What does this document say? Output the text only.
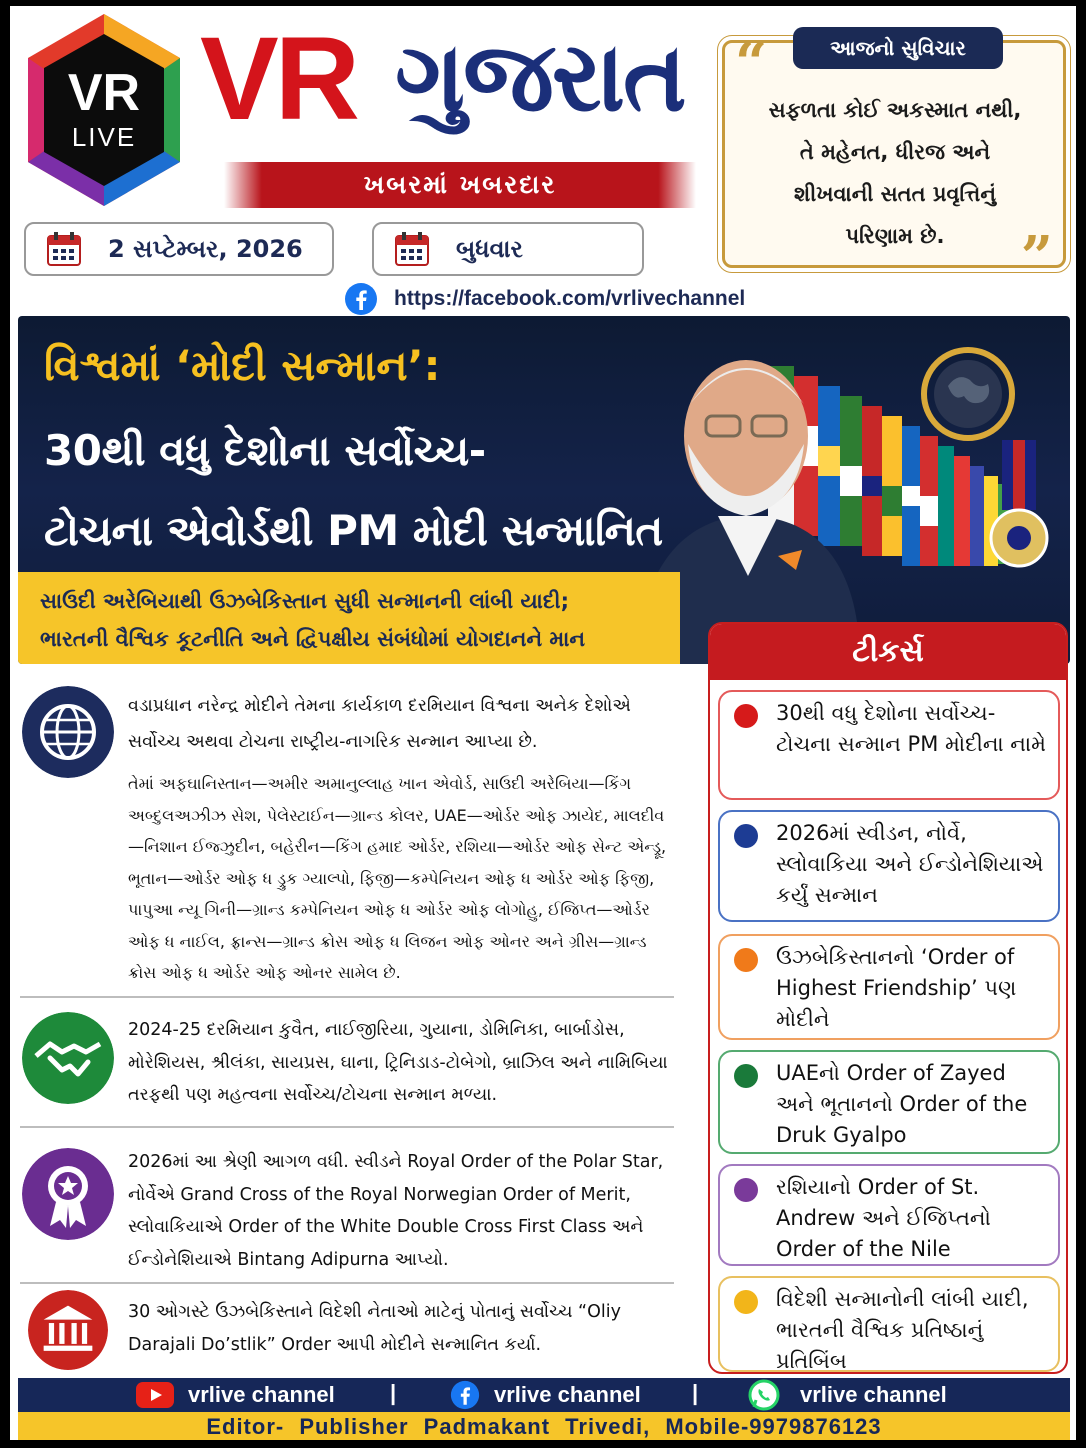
VR
LIVE VR ગુજરાત
ખબરમાં ખબરદાર
2 સપ્ટેમ્બર, 2026	બુધવાર
https://facebook.com/vrlivechannel
આજનો સુવિચાર
“
”
સફળતા કોઈ અકસ્માત નથી,
તે મહેનત, ધીરજ અને
શીખવાની સતત પ્રવૃત્તિનું
પરિણામ છે.
વિશ્વમાં ‘મોદી સન્માન’:
30થી વધુ દેશોના સર્વોચ્ચ-
ટોચના એવોર્ડથી PM મોદી સન્માનિત
સાઉદી અરેબિયાથી ઉઝબેકિસ્તાન સુધી સન્માનની લાંબી યાદી;
ભારતની વૈશ્વિક કૂટનીતિ અને દ્વિપક્ષીય સંબંધોમાં યોગદાનને માન
વડાપ્રધાન નરેન્દ્ર મોદીને તેમના કાર્યકાળ દરમિયાન વિશ્વના અનેક દેશોએ સર્વોચ્ચ અથવા ટોચના રાષ્ટ્રીય-નાગરિક સન્માન આપ્યા છે.
તેમાં અફઘાનિસ્તાન—અમીર અમાનુલ્લાહ ખાન એવોર્ડ, સાઉદી અરેબિયા—કિંગ અબ્દુલઅઝીઝ સેશ, પેલેસ્ટાઈન—ગ્રાન્ડ કોલર, UAE—ઓર્ડર ઓફ ઝાયેદ, માલદીવ—નિશાન ઈજ્ઝુદીન, બહેરીન—કિંગ હમાદ ઓર્ડર, રશિયા—ઓર્ડર ઓફ સેન્ટ એન્ડ્રૂ, ભૂતાન—ઓર્ડર ઓફ ધ ડ્રુક ગ્યાલ્પો, ફિજી—કમ્પેનિયન ઓફ ધ ઓર્ડર ઓફ ફિજી, પાપુઆ ન્યૂ ગિની—ગ્રાન્ડ કમ્પેનિયન ઓફ ધ ઓર્ડર ઓફ લોગોહુ, ઈજિપ્ત—ઓર્ડર ઓફ ધ નાઈલ, ફ્રાન્સ—ગ્રાન્ડ ક્રોસ ઓફ ધ લિજન ઓફ ઓનર અને ગ્રીસ—ગ્રાન્ડ ક્રોસ ઓફ ધ ઓર્ડર ઓફ ઓનર સામેલ છે.
2024-25 દરમિયાન કુવૈત, નાઈજીરિયા, ગુયાના, ડોમિનિકા, બાર્બાડોસ, મોરેશિયસ, શ્રીલંકા, સાયપ્રસ, ઘાના, ટ્રિનિડાડ-ટોબેગો, બ્રાઝિલ અને નામિબિયા તરફથી પણ મહત્વના સર્વોચ્ચ/ટોચના સન્માન મળ્યા.
2026માં આ શ્રેણી આગળ વધી. સ્વીડને Royal Order of the Polar Star, નોર્વેએ Grand Cross of the Royal Norwegian Order of Merit, સ્લોવાકિયાએ Order of the White Double Cross First Class અને ઈન્ડોનેશિયાએ Bintang Adipurna આપ્યો.
30 ઓગસ્ટે ઉઝબેકિસ્તાને વિદેશી નેતાઓ માટેનું પોતાનું સર્વોચ્ચ “Oliy Darajali Do’stlik” Order આપી મોદીને સન્માનિત કર્યા.
ટીકર્સ
30થી વધુ દેશોના સર્વોચ્ચ-ટોચના સન્માન PM મોદીના નામે
2026માં સ્વીડન, નોર્વે, સ્લોવાકિયા અને ઈન્ડોનેશિયાએ કર્યું સન્માન
ઉઝબેકિસ્તાનનો ‘Order of Highest Friendship’ પણ મોદીને
UAEનો Order of Zayed અને ભૂતાનનો Order of the Druk Gyalpo
રશિયાનો Order of St. Andrew અને ઈજિપ્તનો Order of the Nile
વિદેશી સન્માનોની લાંબી યાદી, ભારતની વૈશ્વિક પ્રતિષ્ઠાનું પ્રતિબિંબ
vrlive channel	|	vrlive channel |	vrlive channel
Editor- Publisher Padmakant Trivedi, Mobile-9979876123
